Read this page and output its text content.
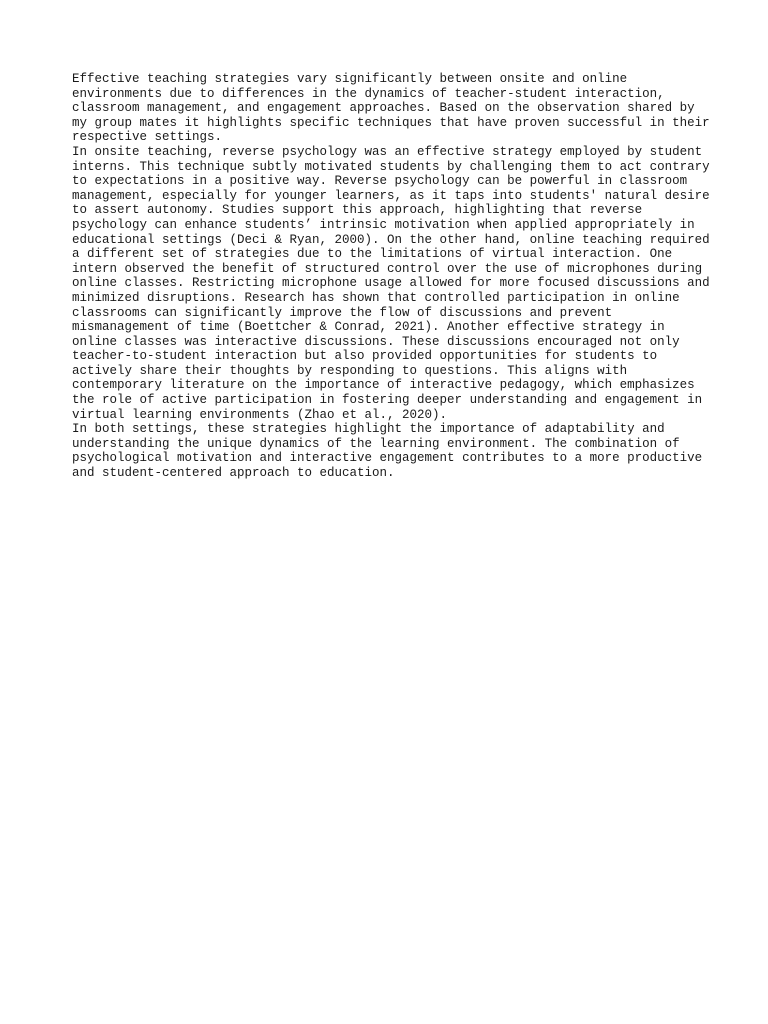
Effective teaching strategies vary significantly between onsite and online environments due to differences in the dynamics of teacher-student interaction, classroom management, and engagement approaches. Based on the observation shared by my group mates it highlights specific techniques that have proven successful in their respective settings.

In onsite teaching, reverse psychology was an effective strategy employed by student interns. This technique subtly motivated students by challenging them to act contrary to expectations in a positive way. Reverse psychology can be powerful in classroom management, especially for younger learners, as it taps into students' natural desire to assert autonomy. Studies support this approach, highlighting that reverse psychology can enhance students’ intrinsic motivation when applied appropriately in educational settings (Deci & Ryan, 2000). On the other hand, online teaching required a different set of strategies due to the limitations of virtual interaction. One intern observed the benefit of structured control over the use of microphones during online classes. Restricting microphone usage allowed for more focused discussions and minimized disruptions. Research has shown that controlled participation in online classrooms can significantly improve the flow of discussions and prevent mismanagement of time (Boettcher & Conrad, 2021). Another effective strategy in online classes was interactive discussions. These discussions encouraged not only teacher-to-student interaction but also provided opportunities for students to actively share their thoughts by responding to questions. This aligns with contemporary literature on the importance of interactive pedagogy, which emphasizes the role of active participation in fostering deeper understanding and engagement in virtual learning environments (Zhao et al., 2020).

In both settings, these strategies highlight the importance of adaptability and understanding the unique dynamics of the learning environment. The combination of psychological motivation and interactive engagement contributes to a more productive and student-centered approach to education.
